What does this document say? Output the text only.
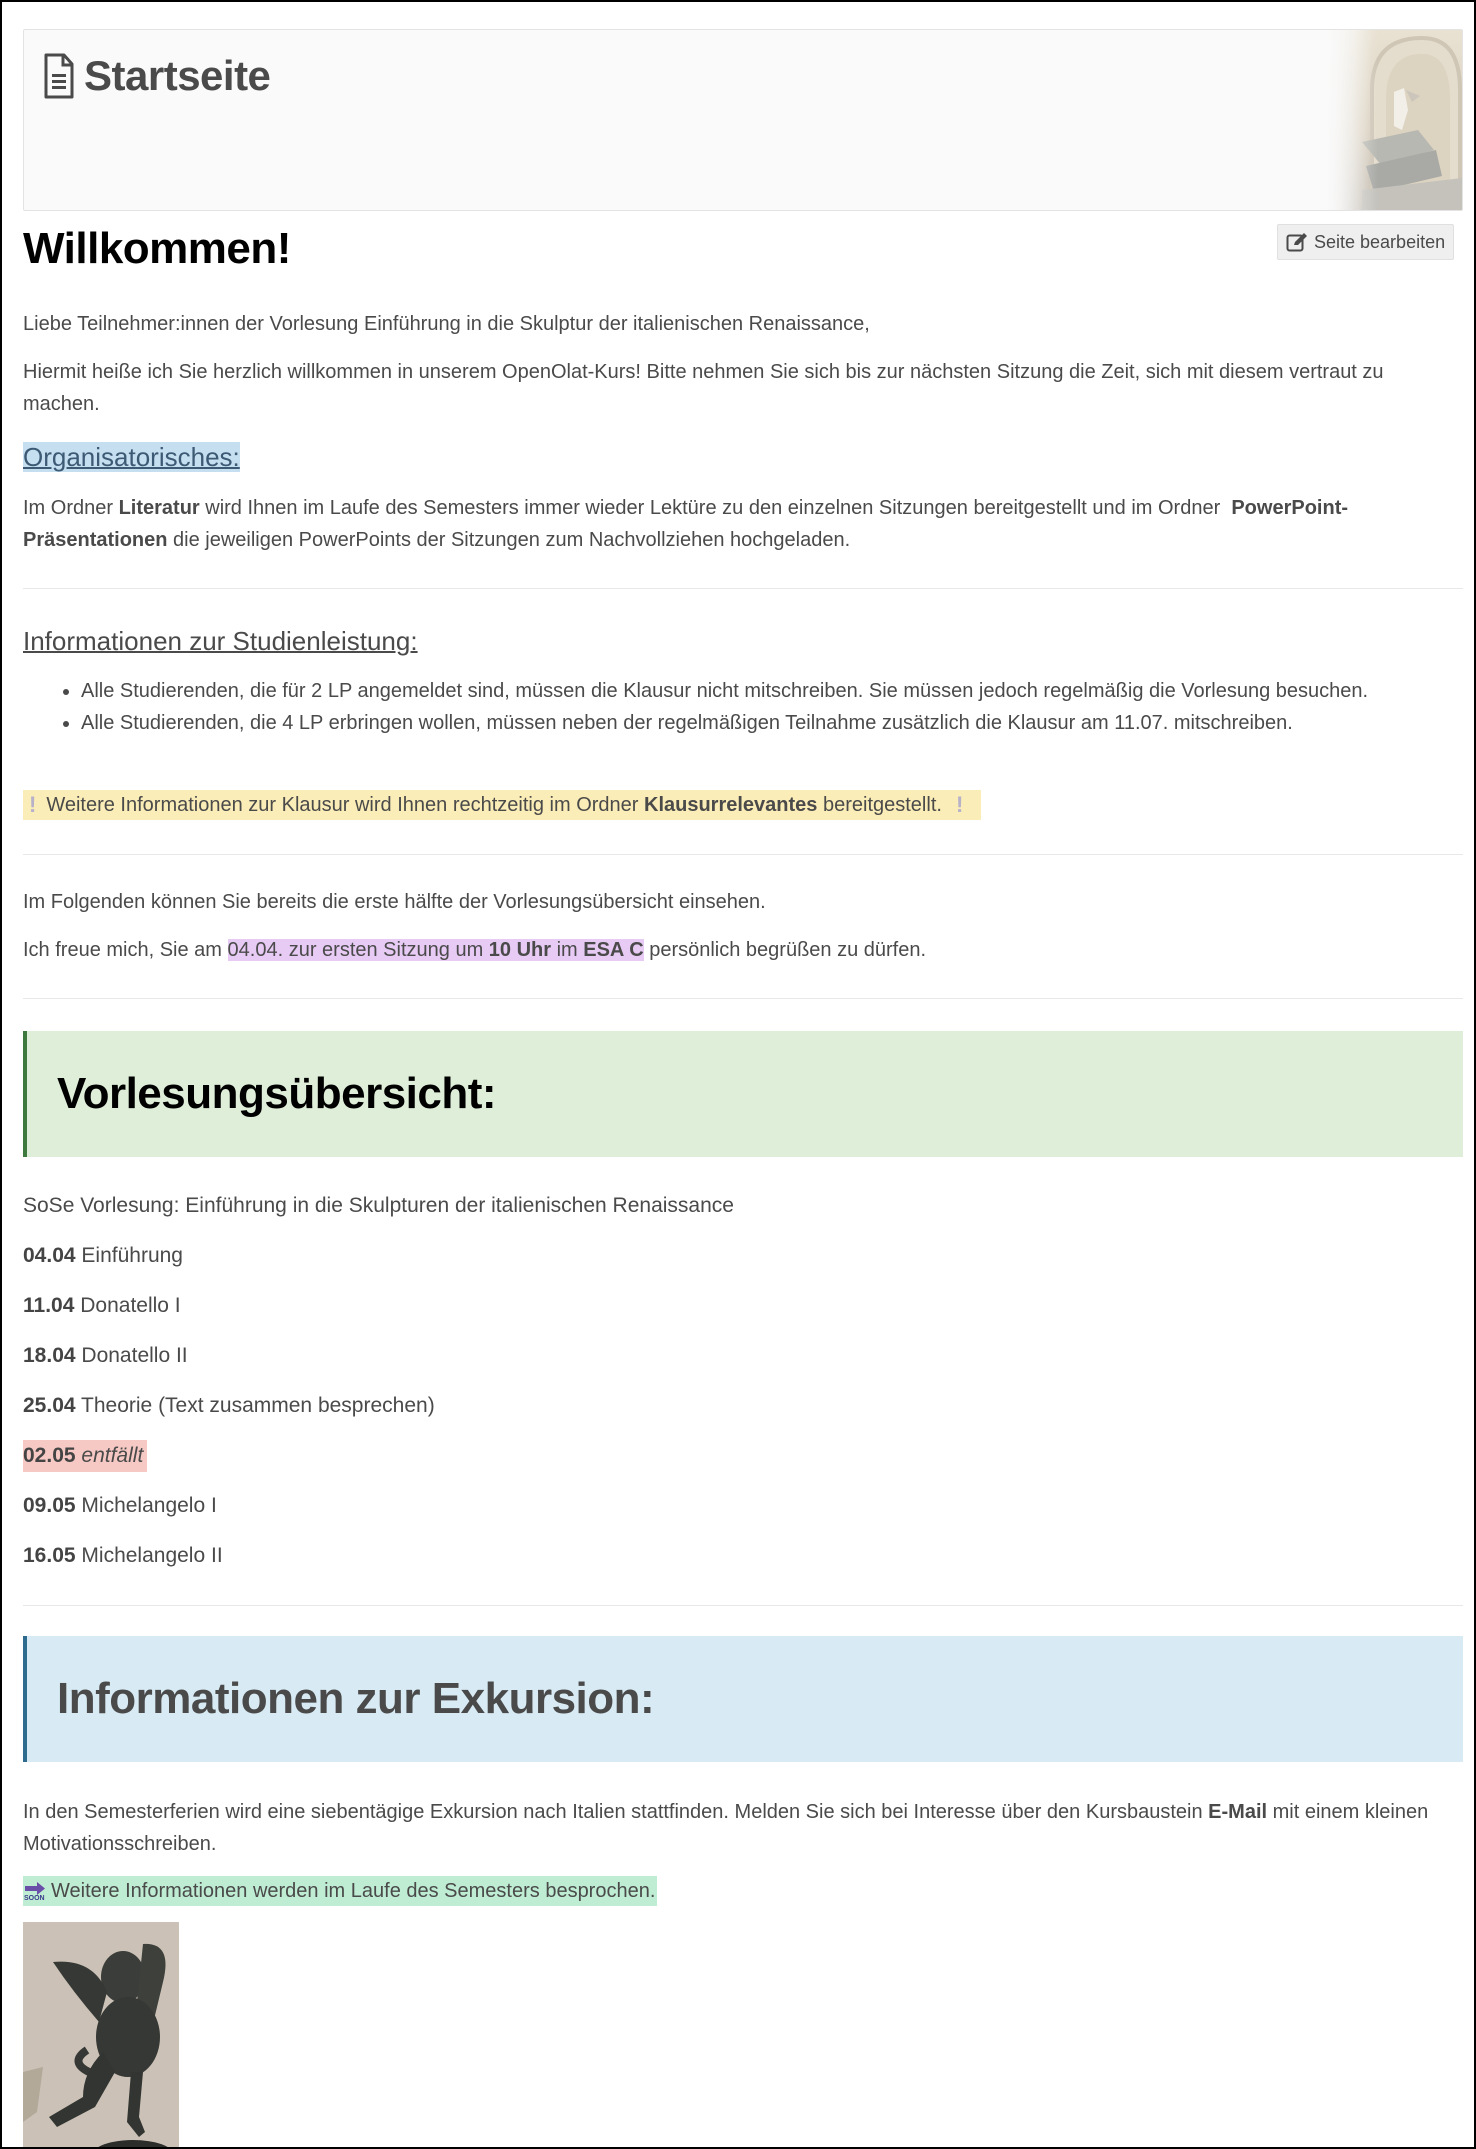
Startseite
Willkommen!	Seite bearbeiten

Liebe Teilnehmer:innen der Vorlesung Einführung in die Skulptur der italienischen Renaissance,

Hiermit heiße ich Sie herzlich willkommen in unserem OpenOlat-Kurs! Bitte nehmen Sie sich bis zur nächsten Sitzung die Zeit, sich mit diesem vertraut zu machen.

Organisatorisches:

Im Ordner Literatur wird Ihnen im Laufe des Semesters immer wieder Lektüre zu den einzelnen Sitzungen bereitgestellt und im Ordner  PowerPoint-Präsentationen die jeweiligen PowerPoints der Sitzungen zum Nachvollziehen hochgeladen.

Informationen zur Studienleistung:
• Alle Studierenden, die für 2 LP angemeldet sind, müssen die Klausur nicht mitschreiben. Sie müssen jedoch regelmäßig die Vorlesung besuchen.
• Alle Studierenden, die 4 LP erbringen wollen, müssen neben der regelmäßigen Teilnahme zusätzlich die Klausur am 11.07. mitschreiben.
! Weitere Informationen zur Klausur wird Ihnen rechtzeitig im Ordner Klausurrelevantes bereitgestellt. !

Im Folgenden können Sie bereits die erste hälfte der Vorlesungsübersicht einsehen.

Ich freue mich, Sie am 04.04. zur ersten Sitzung um 10 Uhr im ESA C persönlich begrüßen zu dürfen.

Vorlesungsübersicht:
SoSe Vorlesung: Einführung in die Skulpturen der italienischen Renaissance
04.04 Einführung
11.04 Donatello I
18.04 Donatello II
25.04 Theorie (Text zusammen besprechen)
02.05 entfällt
09.05 Michelangelo I
16.05 Michelangelo II
Informationen zur Exkursion:

In den Semesterferien wird eine siebentägige Exkursion nach Italien stattfinden. Melden Sie sich bei Interesse über den Kursbaustein E-Mail mit einem kleinen Motivationsschreiben.

SOON Weitere Informationen werden im Laufe des Semesters besprochen.
